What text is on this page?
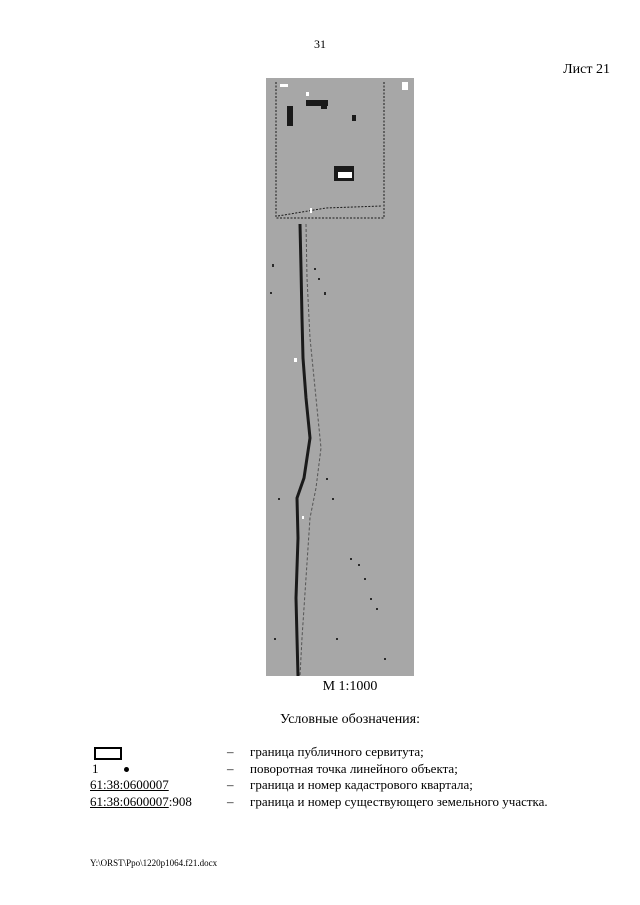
31
Лист 21
М 1:1000
Условные обозначения:
– граница публичного сервитута;
1	– поворотная точка линейного объекта;
61:38:0600007	– граница и номер кадастрового квартала;
61:38:0600007:908	– граница и номер существующего земельного участка.
Y:\ORST\Ppo\1220p1064.f21.docx
